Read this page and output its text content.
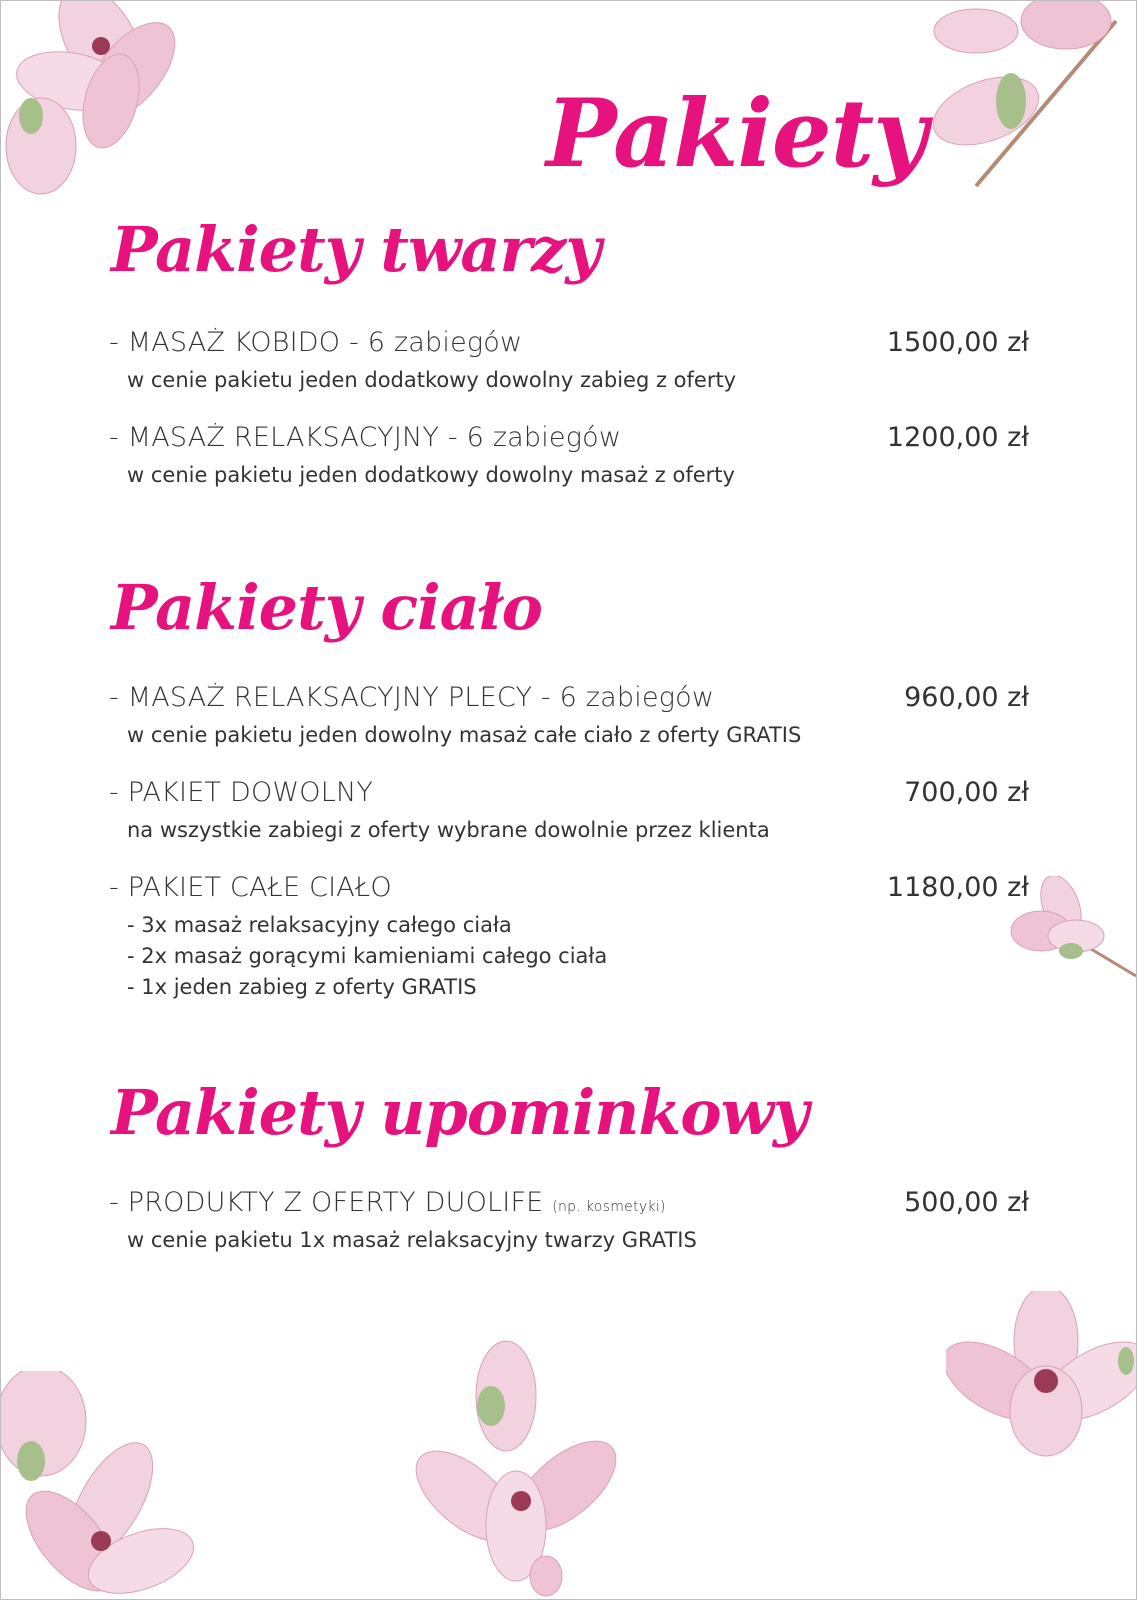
Pakiety
Pakiety twarzy
Pakiety ciało
Pakiety upominkowy
- MASAŻ KOBIDO - 6 zabiegów	1500,00 zł
w cenie pakietu jeden dodatkowy dowolny zabieg z oferty
- MASAŻ RELAKSACYJNY - 6 zabiegów	1200,00 zł
w cenie pakietu jeden dodatkowy dowolny masaż z oferty
- MASAŻ RELAKSACYJNY PLECY - 6 zabiegów	960,00 zł
w cenie pakietu jeden dowolny masaż całe ciało z oferty GRATIS
- PAKIET DOWOLNY	700,00 zł
na wszystkie zabiegi z oferty wybrane dowolnie przez klienta
- PAKIET CAŁE CIAŁO	1180,00 zł
- 3x masaż relaksacyjny całego ciała
- 2x masaż gorącymi kamieniami całego ciała
- 1x jeden zabieg z oferty GRATIS
- PRODUKTY Z OFERTY DUOLIFE (np. kosmetyki)	500,00 zł
w cenie pakietu 1x masaż relaksacyjny twarzy GRATIS
